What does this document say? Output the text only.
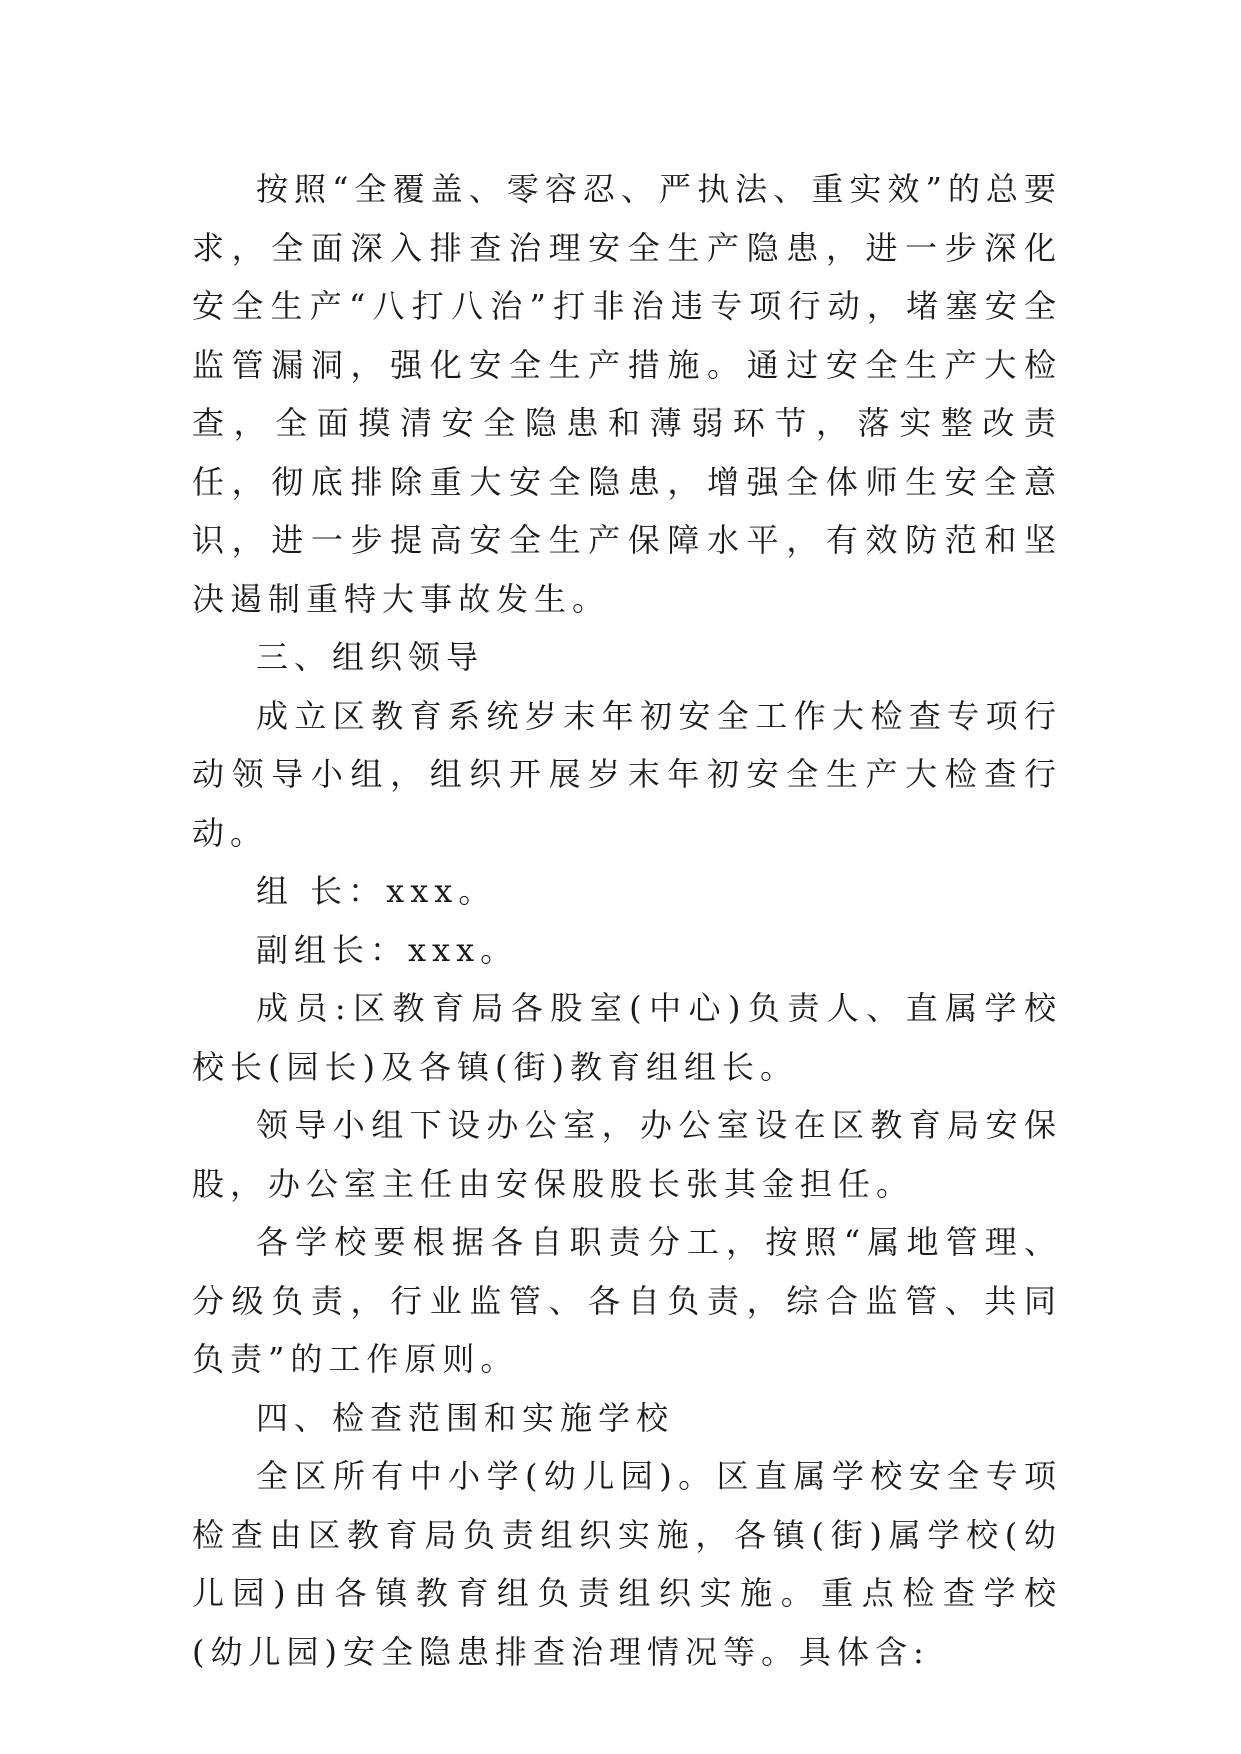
按照“全覆盖、零容忍、严执法、重实效”的总要求，全面深入排查治理安全生产隐患，进一步深化安全生产“八打八治”打非治违专项行动，堵塞安全监管漏洞，强化安全生产措施。通过安全生产大检查，全面摸清安全隐患和薄弱环节，落实整改责任，彻底排除重大安全隐患，增强全体师生安全意识，进一步提高安全生产保障水平，有效防范和坚决遏制重特大事故发生。

三、组织领导

成立区教育系统岁末年初安全工作大检查专项行动领导小组，组织开展岁末年初安全生产大检查行动。

组 长：xxx。

副组长：xxx。

成员:区教育局各股室(中心)负责人、直属学校校长(园长)及各镇(街)教育组组长。

领导小组下设办公室，办公室设在区教育局安保股，办公室主任由安保股股长张其金担任。

各学校要根据各自职责分工，按照“属地管理、分级负责，行业监管、各自负责，综合监管、共同负责”的工作原则。

四、检查范围和实施学校

全区所有中小学(幼儿园)。区直属学校安全专项检查由区教育局负责组织实施，各镇(街)属学校(幼儿园)由各镇教育组负责组织实施。重点检查学校(幼儿园)安全隐患排查治理情况等。具体含:
